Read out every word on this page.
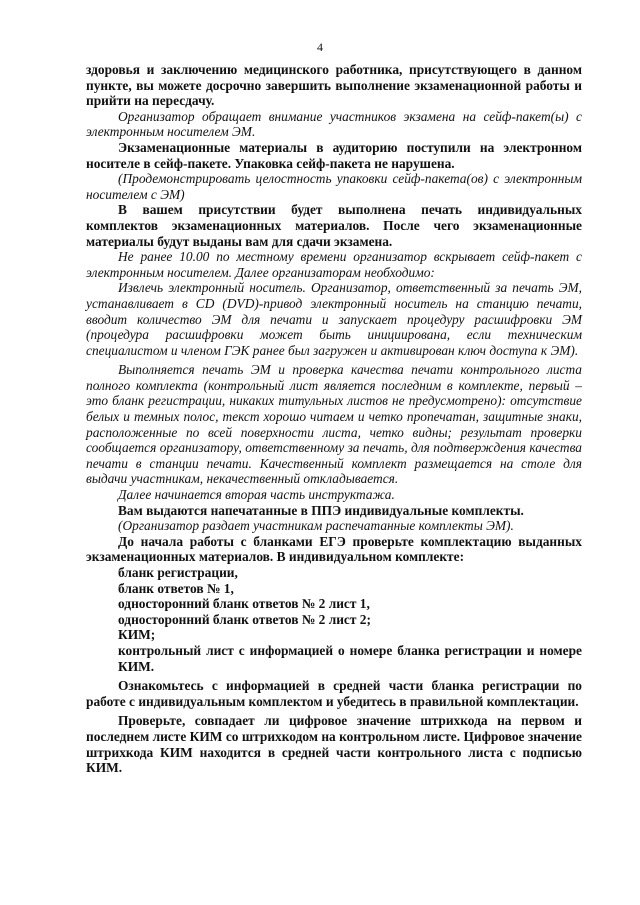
4

здоровья и заключению медицинского работника, присутствующего в данном пункте, вы можете досрочно завершить выполнение экзаменационной работы и прийти на пересдачу.

Организатор обращает внимание участников экзамена на сейф-пакет(ы) с электронным носителем ЭМ.

Экзаменационные материалы в аудиторию поступили на электронном носителе в сейф-пакете. Упаковка сейф-пакета не нарушена.

(Продемонстрировать целостность упаковки сейф-пакета(ов) с электронным носителем с ЭМ)

В вашем присутствии будет выполнена печать индивидуальных комплектов экзаменационных материалов. После чего экзаменационные материалы будут выданы вам для сдачи экзамена.

Не ранее 10.00 по местному времени организатор вскрывает сейф-пакет с электронным носителем. Далее организаторам необходимо:

Извлечь электронный носитель. Организатор, ответственный за печать ЭМ, устанавливает в CD (DVD)-привод электронный носитель на станцию печати, вводит количество ЭМ для печати и запускает процедуру расшифровки ЭМ (процедура расшифровки может быть инициирована, если техническим специалистом и членом ГЭК ранее был загружен и активирован ключ доступа к ЭМ).

Выполняется печать ЭМ и проверка качества печати контрольного листа полного комплекта (контрольный лист является последним в комплекте, первый – это бланк регистрации, никаких титульных листов не предусмотрено): отсутствие белых и темных полос, текст хорошо читаем и четко пропечатан, защитные знаки, расположенные по всей поверхности листа, четко видны; результат проверки сообщается организатору, ответственному за печать, для подтверждения качества печати в станции печати. Качественный комплект размещается на столе для выдачи участникам, некачественный откладывается.

Далее начинается вторая часть инструктажа.

Вам выдаются напечатанные в ППЭ индивидуальные комплекты.

(Организатор раздает участникам распечатанные комплекты ЭМ).

До начала работы с бланками ЕГЭ проверьте комплектацию выданных экзаменационных материалов. В индивидуальном комплекте:

бланк регистрации,

бланк ответов № 1,

односторонний бланк ответов № 2 лист 1,

односторонний бланк ответов № 2 лист 2;

КИМ;

контрольный лист с информацией о номере бланка регистрации и номере КИМ.

Ознакомьтесь с информацией в средней части бланка регистрации по работе с индивидуальным комплектом и убедитесь в правильной комплектации.

Проверьте, совпадает ли цифровое значение штрихкода на первом и последнем листе КИМ со штрихкодом на контрольном листе. Цифровое значение штрихкода КИМ находится в средней части контрольного листа с подписью КИМ.
